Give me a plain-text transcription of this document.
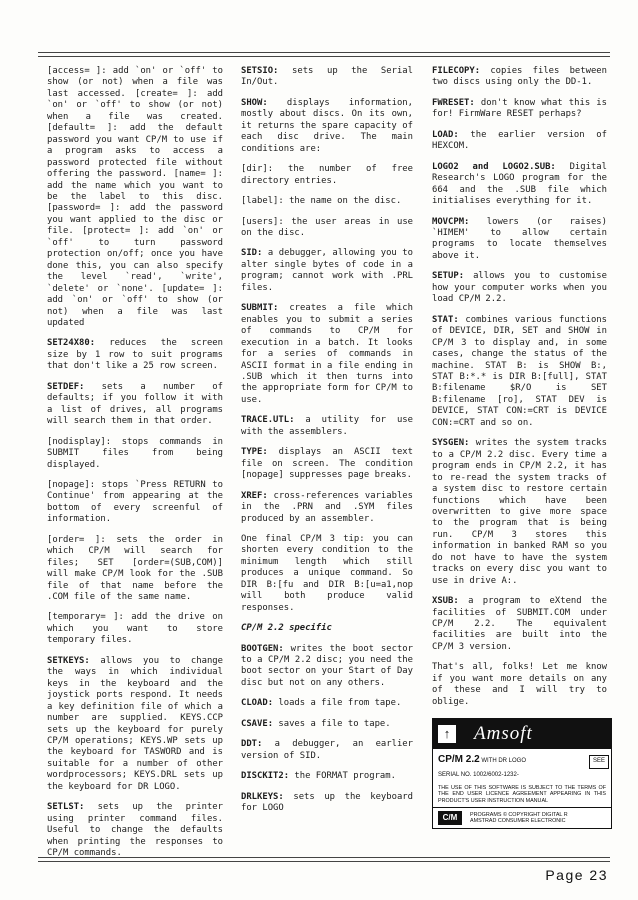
[access= ]: add `on' or `off' to show (or not) when a file was last accessed. [create= ]: add `on' or `off' to show (or not) when a file was created. [default= ]: add the default password you want CP/M to use if a program asks to access a password protected file without offering the password. [name= ]: add the name which you want to be the label to this disc. [password= ]: add the password you want applied to the disc or file. [protect= ]: add `on' or `off' to turn password protection on/off; once you have done this, you can also specify the level `read', `write', `delete' or `none'. [update= ]: add `on' or `off' to show (or not) when a file was last updated

SET24X80: reduces the screen size by 1 row to suit programs that don't like a 25 row screen.

SETDEF: sets a number of defaults; if you follow it with a list of drives, all programs will search them in that order.

[nodisplay]: stops commands in SUBMIT files from being displayed.

[nopage]: stops `Press RETURN to Continue' from appearing at the bottom of every screenful of information.

[order= ]: sets the order in which CP/M will search for files; SET [order=(SUB,COM)] will make CP/M look for the .SUB file of that name before the .COM file of the same name.

[temporary= ]: add the drive on which you want to store temporary files.

SETKEYS: allows you to change the ways in which individual keys in the keyboard and the joystick ports respond. It needs a key definition file of which a number are supplied. KEYS.CCP sets up the keyboard for purely CP/M operations; KEYS.WP sets up the keyboard for TASWORD and is suitable for a number of other wordprocessors; KEYS.DRL sets up the keyboard for DR LOGO.

SETLST: sets up the printer using printer command files. Useful to change the defaults when printing the responses to CP/M commands.

SETSIO: sets up the Serial In/Out.

SHOW: displays information, mostly about discs. On its own, it returns the spare capacity of each disc drive. The main conditions are:

[dir]: the number of free directory entries.

[label]: the name on the disc.

[users]: the user areas in use on the disc.

SID: a debugger, allowing you to alter single bytes of code in a program; cannot work with .PRL files.

SUBMIT: creates a file which enables you to submit a series of commands to CP/M for execution in a batch. It looks for a series of commands in ASCII format in a file ending in .SUB which it then turns into the appropriate form for CP/M to use.

TRACE.UTL: a utility for use with the assemblers.

TYPE: displays an ASCII text file on screen. The condition [nopage] suppresses page breaks.

XREF: cross-references variables in the .PRN and .SYM files produced by an assembler.

One final CP/M 3 tip: you can shorten every condition to the minimum length which still produces a unique command. So DIR B:[fu and DIR B:[u=a1,nop will both produce valid responses.

CP/M 2.2 specific

BOOTGEN: writes the boot sector to a CP/M 2.2 disc; you need the boot sector on your Start of Day disc but not on any others.

CLOAD: loads a file from tape.

CSAVE: saves a file to tape.

DDT: a debugger, an earlier version of SID.

DISCKIT2: the FORMAT program.

DRLKEYS: sets up the keyboard for LOGO

FILECOPY: copies files between two discs using only the DD-1.

FWRESET: don't know what this is for! FirmWare RESET perhaps?

LOAD: the earlier version of HEXCOM.

LOGO2 and LOGO2.SUB: Digital Research's LOGO program for the 664 and the .SUB file which initialises everything for it.

MOVCPM: lowers (or raises) `HIMEM' to allow certain programs to locate themselves above it.

SETUP: allows you to customise how your computer works when you load CP/M 2.2.

STAT: combines various functions of DEVICE, DIR, SET and SHOW in CP/M 3 to display and, in some cases, change the status of the machine. STAT B: is SHOW B:, STAT B:*.* is DIR B:[full], STAT B:filename $R/O is SET B:filename [ro], STAT DEV is DEVICE, STAT CON:=CRT is DEVICE CON:=CRT and so on.

SYSGEN: writes the system tracks to a CP/M 2.2 disc. Every time a program ends in CP/M 2.2, it has to re-read the system tracks of a system disc to restore certain functions which have been overwritten to give more space to the program that is being run. CP/M 3 stores this information in banked RAM so you do not have to have the system tracks on every disc you want to use in drive A:.

XSUB: a program to eXtend the facilities of SUBMIT.COM under CP/M 2.2. The equivalent facilities are built into the CP/M 3 version.

That's all, folks! Let me know if you want more details on any of these and I will try to oblige.

↑	Amsoft
CP/M 2.2 WITH DR LOGO	SEE
SERIAL NO. 1002/6002-1232-
THE USE OF THIS SOFTWARE IS SUBJECT TO THE TERMS OF THE END USER LICENCE AGREEMENT APPEARING IN THIS PRODUCT'S USER INSTRUCTION MANUAL
C/M	PROGRAMS © COPYRIGHT DIGITAL R
AMSTRAD CONSUMER ELECTRONIC
Page 23
